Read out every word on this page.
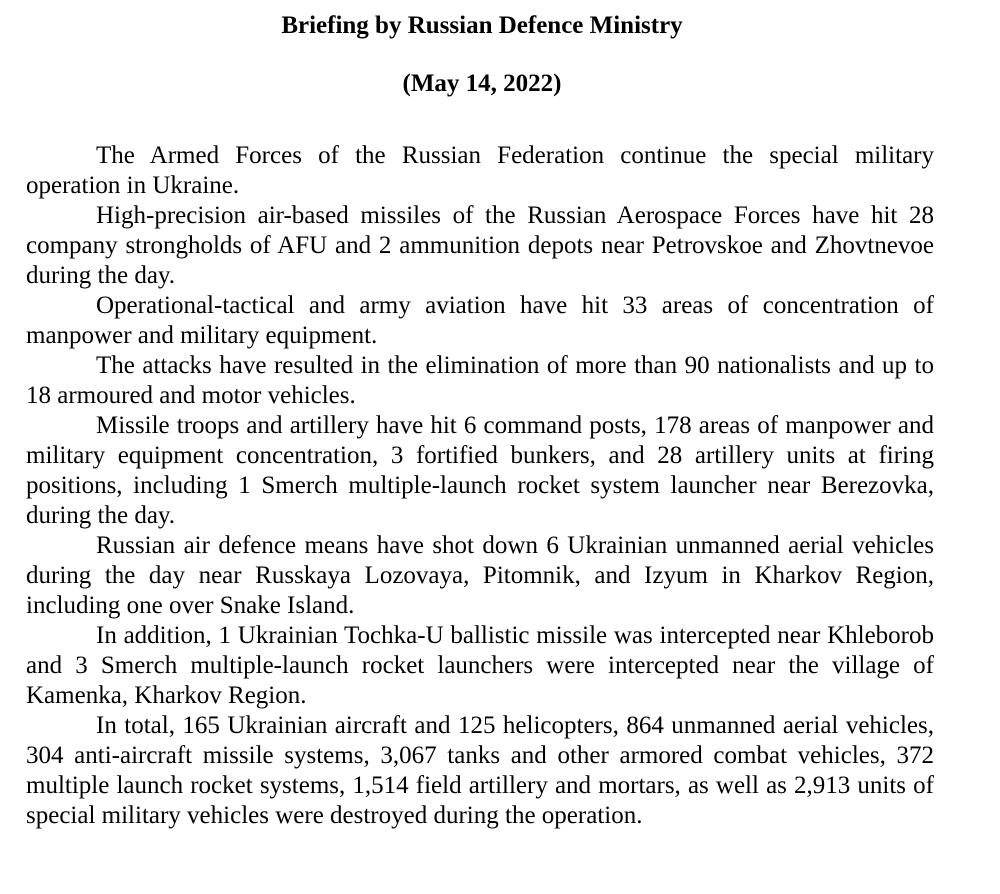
Briefing by Russian Defence Ministry
(May 14, 2022)

The Armed Forces of the Russian Federation continue the special military operation in Ukraine.

High-precision air-based missiles of the Russian Aerospace Forces have hit 28 company strongholds of AFU and 2 ammunition depots near Petrovskoe and Zhovtnevoe during the day.

Operational-tactical and army aviation have hit 33 areas of concentration of manpower and military equipment.

The attacks have resulted in the elimination of more than 90 nationalists and up to 18 armoured and motor vehicles.

Missile troops and artillery have hit 6 command posts, 178 areas of manpower and military equipment concentration, 3 fortified bunkers, and 28 artillery units at firing positions, including 1 Smerch multiple-launch rocket system launcher near Berezovka, during the day.

Russian air defence means have shot down 6 Ukrainian unmanned aerial vehicles during the day near Russkaya Lozovaya, Pitomnik, and Izyum in Kharkov Region, including one over Snake Island.

In addition, 1 Ukrainian Tochka-U ballistic missile was intercepted near Khleborob and 3 Smerch multiple-launch rocket launchers were intercepted near the village of Kamenka, Kharkov Region.

In total, 165 Ukrainian aircraft and 125 helicopters, 864 unmanned aerial vehicles, 304 anti-aircraft missile systems, 3,067 tanks and other armored combat vehicles, 372 multiple launch rocket systems, 1,514 field artillery and mortars, as well as 2,913 units of special military vehicles were destroyed during the operation.
